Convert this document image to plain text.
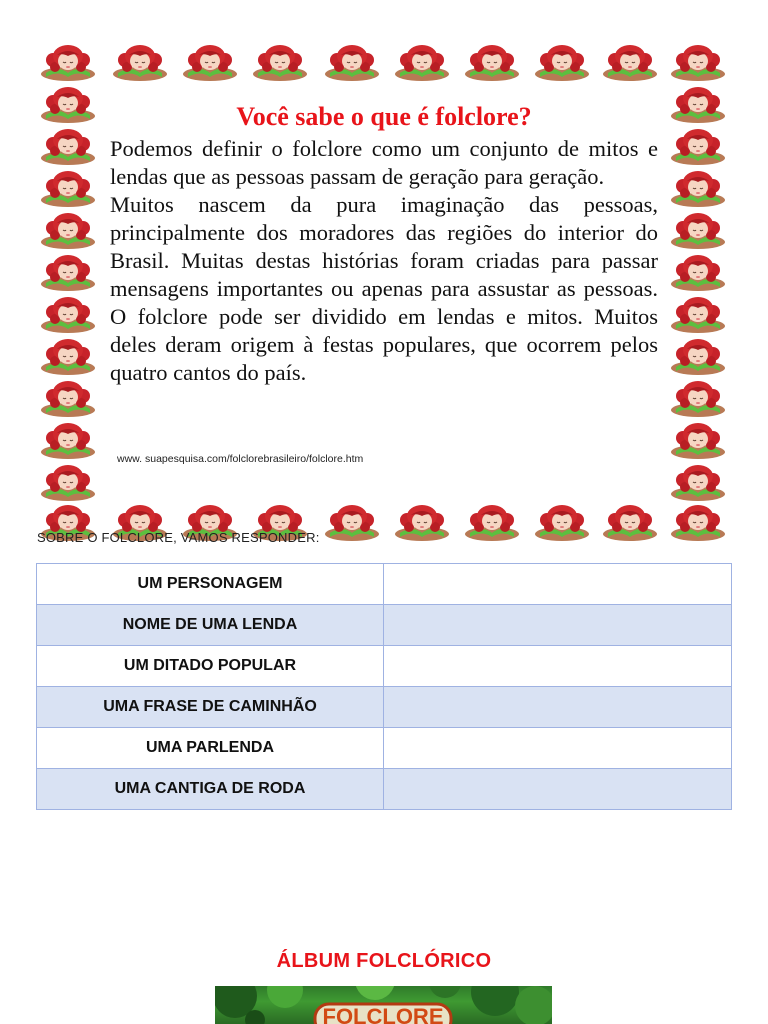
Você sabe o que é folclore?

Podemos definir o folclore como um conjunto de mitos e lendas que as pessoas passam de geração para geração.

Muitos nascem da pura imaginação das pessoas, principalmente dos moradores das regiões do interior do Brasil. Muitas destas histórias foram criadas para passar mensagens importantes ou apenas para assustar as pessoas. O folclore pode ser dividido em lendas e mitos. Muitos deles deram origem à festas populares, que ocorrem pelos quatro cantos do país.

www. suapesquisa.com/folclorebrasileiro/folclore.htm
SOBRE O FOLCLORE, VAMOS RESPONDER:
UM PERSONAGEM	
NOME DE UMA LENDA	
UM DITADO POPULAR	
UMA FRASE DE CAMINHÃO	
UMA PARLENDA	
UMA CANTIGA DE RODA	
ÁLBUM FOLCLÓRICO
FOLCLORE
